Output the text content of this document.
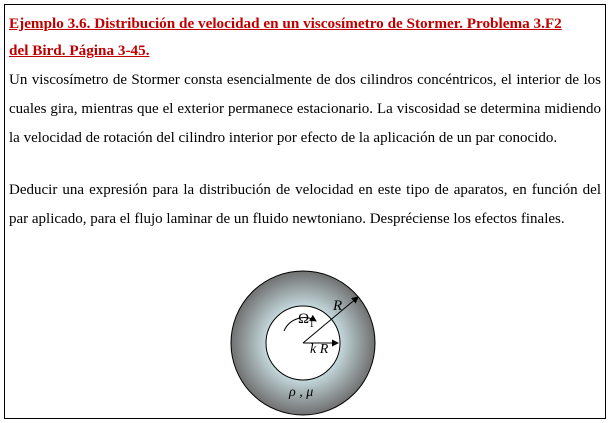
Ejemplo 3.6. Distribución de velocidad en un viscosímetro de Stormer. Problema 3.F2
del Bird. Página 3-45.

Un viscosímetro de Stormer consta esencialmente de dos cilindros concéntricos, el interior de los cuales gira, mientras que el exterior permanece estacionario. La viscosidad se determina midiendo la velocidad de rotación del cilindro interior por efecto de la aplicación de un par conocido.

Deducir una expresión para la distribución de velocidad en este tipo de aparatos, en función del par aplicado, para el flujo laminar de un fluido newtoniano. Despréciense los efectos finales.

R
$\Omega_1$
k R
ρ , μ
